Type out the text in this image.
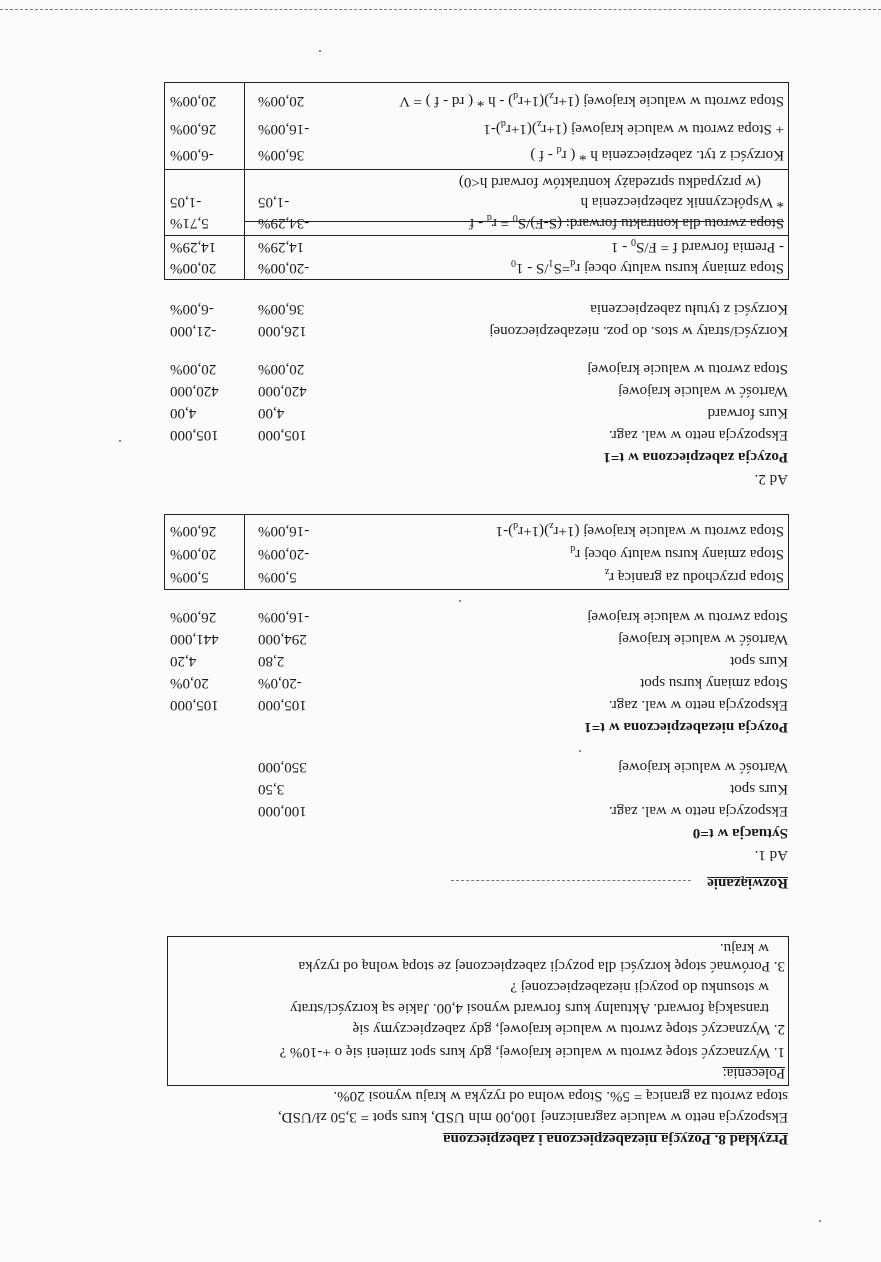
Przykład 8. Pozycja niezabezpieczona i zabezpieczona
Ekspozycja netto w walucie zagranicznej 100,00 mln USD, kurs spot = 3,50 zł/USD,
stopa zwrotu za granicą = 5%. Stopa wolna od ryzyka w kraju wynosi 20%.
Polecenia:
1. Wyznaczyć stopę zwrotu w walucie krajowej, gdy kurs spot zmieni się o +-10% ?
2. Wyznaczyć stopę zwrotu w walucie krajowej, gdy zabezpieczymy się
transakcją forward. Aktualny kurs forward wynosi 4,00. Jakie są korzyści/straty
w stosunku do pozycji niezabezpieczonej ?
3. Porównać stopę korzyści dla pozycji zabezpieczonej ze stopą wolną od ryzyka
w kraju.
Rozwiązanie
Ad 1.
Sytuacja w t=0
Ekspozycja netto w wal. zagr.
100,000
Kurs spot
3,50
Wartość w walucie krajowej
350,000
Pozycja niezabezpieczona w t=1
Ekspozycja netto w wal. zagr.
105,000
105,000
Stopa zmiany kursu spot
-20,0%
20,0%
Kurs spot
2,80
4,20
Wartość w walucie krajowej
294,000
441,000
Stopa zwrotu w walucie krajowej
-16,00%
26,00%
Stopa przychodu za granicą $r_z$
5,00%
5,00%
Stopa zmiany kursu waluty obcej $r_d$
-20,00%
20,00%
Stopa zwrotu w walucie krajowej $(1+r_z)(1+r_d)-1$
-16,00%
26,00%
Ad 2.
Pozycja zabezpieczona w t=1
Ekspozycja netto w wal. zagr.
105,000
105,000
Kurs forward
4,00
4,00
Wartość w walucie krajowej
420,000
420,000
Stopa zwrotu w walucie krajowej
20,00%
20,00%
Korzyści/straty w stos. do poz. niezabezpieczonej
126,000
-21,000
Korzyści z tytułu zabezpieczenia
36,00%
-6,00%
Stopa zmiany kursu waluty obcej $r_d=S_1/S - 1_0$
-20,00%
20,00%
- Premia forward $f = F/S_0 - 1$
14,29%
14,29%
Stopa zwrotu dla kontraktu forward: $(S-F)/S_0 = r_d - f$
-34,29%
5,71%
* Współczynnik zabezpieczenia h
-1,05
-1,05
(w przypadku sprzedaży kontraktów forward h<0)
Korzyści z tyt. zabezpieczenia h * ( $r_d$ - f )
36,00%
-6,00%
+ Stopa zwrotu w walucie krajowej $(1+r_z)(1+r_d)-1$
-16,00%
26,00%
Stopa zwrotu w walucie krajowej $(1+r_z)(1+r_d) - h$ * ( rd - f ) = V
20,00%
20,00%
